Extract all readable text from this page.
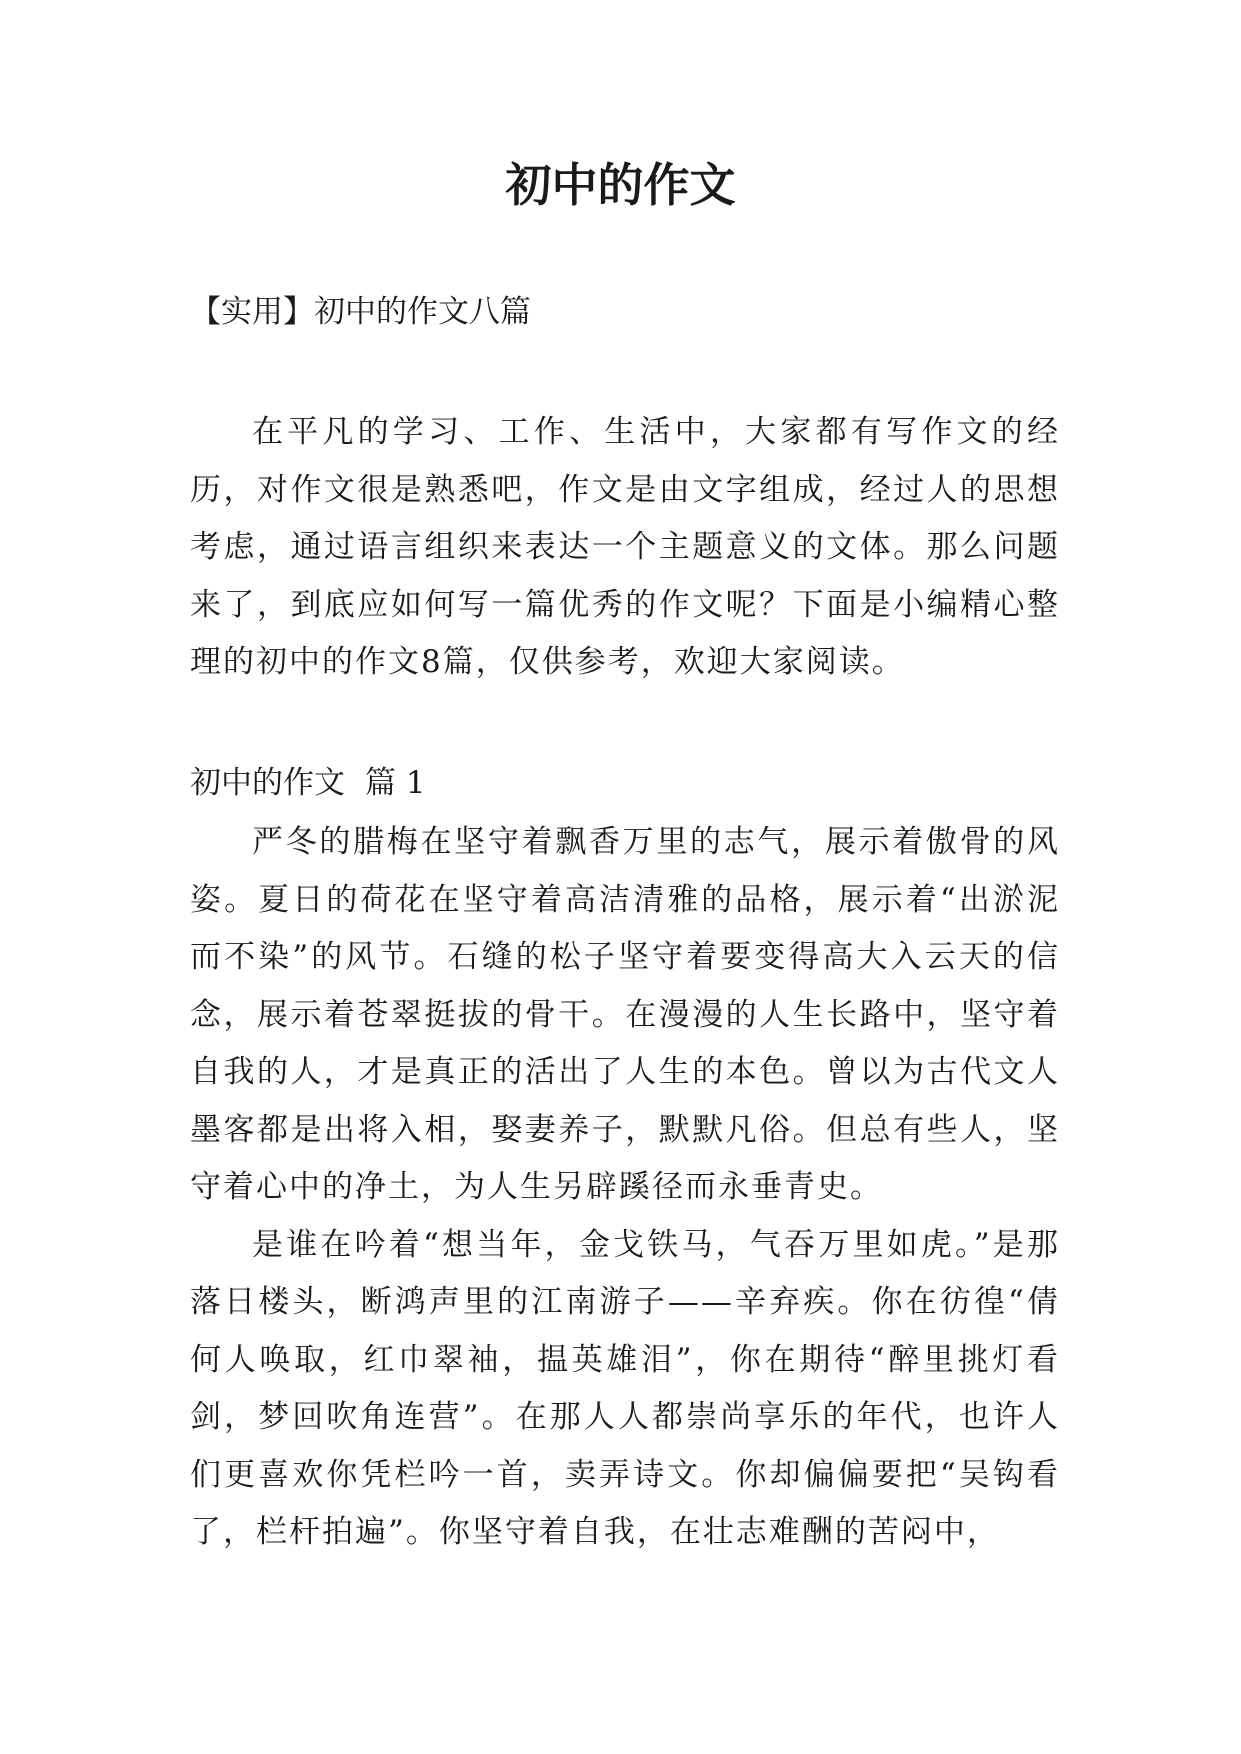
初中的作文

【实用】初中的作文八篇

在平凡的学习、工作、生活中，大家都有写作文的经历，对作文很是熟悉吧，作文是由文字组成，经过人的思想考虑，通过语言组织来表达一个主题意义的文体。那么问题来了，到底应如何写一篇优秀的作文呢？下面是小编精心整理的初中的作文8篇，仅供参考，欢迎大家阅读。

初中的作文 篇 1

严冬的腊梅在坚守着飘香万里的志气，展示着傲骨的风姿。夏日的荷花在坚守着高洁清雅的品格，展示着“出淤泥而不染”的风节。石缝的松子坚守着要变得高大入云天的信念，展示着苍翠挺拔的骨干。在漫漫的人生长路中，坚守着自我的人，才是真正的活出了人生的本色。曾以为古代文人墨客都是出将入相，娶妻养子，默默凡俗。但总有些人，坚守着心中的净土，为人生另辟蹊径而永垂青史。

是谁在吟着“想当年，金戈铁马，气吞万里如虎。”是那落日楼头，断鸿声里的江南游子——辛弃疾。你在彷徨“倩何人唤取，红巾翠袖，揾英雄泪”，你在期待“醉里挑灯看剑，梦回吹角连营”。在那人人都崇尚享乐的年代，也许人们更喜欢你凭栏吟一首，卖弄诗文。你却偏偏要把“吴钩看了，栏杆拍遍”。你坚守着自我，在壮志难酬的苦闷中，
